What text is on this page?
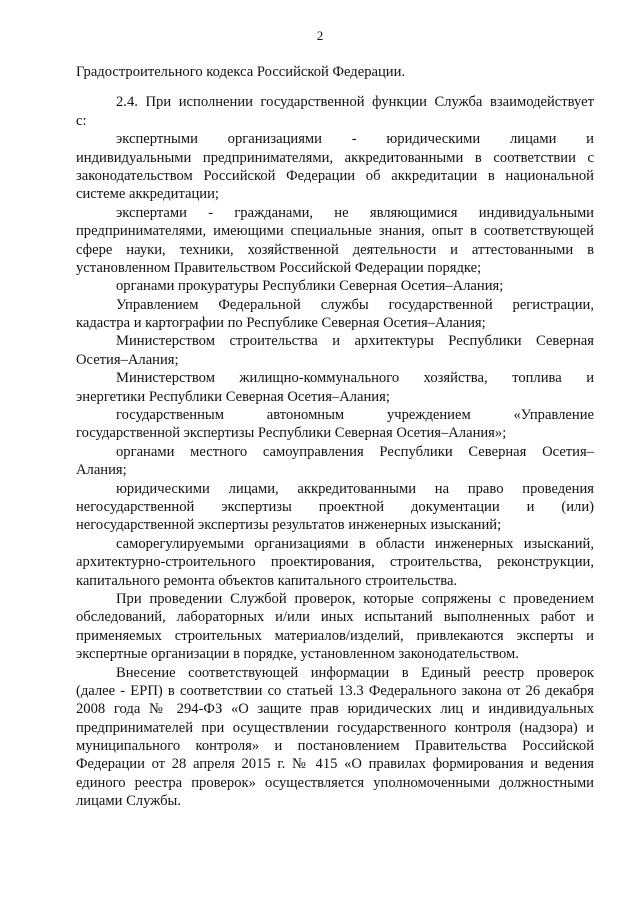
2
Градостроительного кодекса Российской Федерации.
2.4. При исполнении государственной функции Служба взаимодействует
с:
экспертными организациями - юридическими лицами и
индивидуальными предпринимателями, аккредитованными в соответствии с
законодательством Российской Федерации об аккредитации в национальной
системе аккредитации;
экспертами - гражданами, не являющимися индивидуальными
предпринимателями, имеющими специальные знания, опыт в соответствующей
сфере науки, техники, хозяйственной деятельности и аттестованными в
установленном Правительством Российской Федерации порядке;
органами прокуратуры Республики Северная Осетия–Алания;
Управлением Федеральной службы государственной регистрации,
кадастра и картографии по Республике Северная Осетия–Алания;
Министерством строительства и архитектуры Республики Северная
Осетия–Алания;
Министерством жилищно-коммунального хозяйства, топлива и
энергетики Республики Северная Осетия–Алания;
государственным автономным учреждением «Управление
государственной экспертизы Республики Северная Осетия–Алания»;
органами местного самоуправления Республики Северная Осетия–
Алания;
юридическими лицами, аккредитованными на право проведения
негосударственной экспертизы проектной документации и (или)
негосударственной экспертизы результатов инженерных изысканий;
саморегулируемыми организациями в области инженерных изысканий,
архитектурно-строительного проектирования, строительства, реконструкции,
капитального ремонта объектов капитального строительства.
При проведении Службой проверок, которые сопряжены с проведением
обследований, лабораторных и/или иных испытаний выполненных работ и
применяемых строительных материалов/изделий, привлекаются эксперты и
экспертные организации в порядке, установленном законодательством.
Внесение соответствующей информации в Единый реестр проверок
(далее - ЕРП) в соответствии со статьей 13.3 Федерального закона от 26 декабря
2008 года № 294-ФЗ «О защите прав юридических лиц и индивидуальных
предпринимателей при осуществлении государственного контроля (надзора) и
муниципального контроля» и постановлением Правительства Российской
Федерации от 28 апреля 2015 г. № 415 «О правилах формирования и ведения
единого реестра проверок» осуществляется уполномоченными должностными
лицами Службы.
